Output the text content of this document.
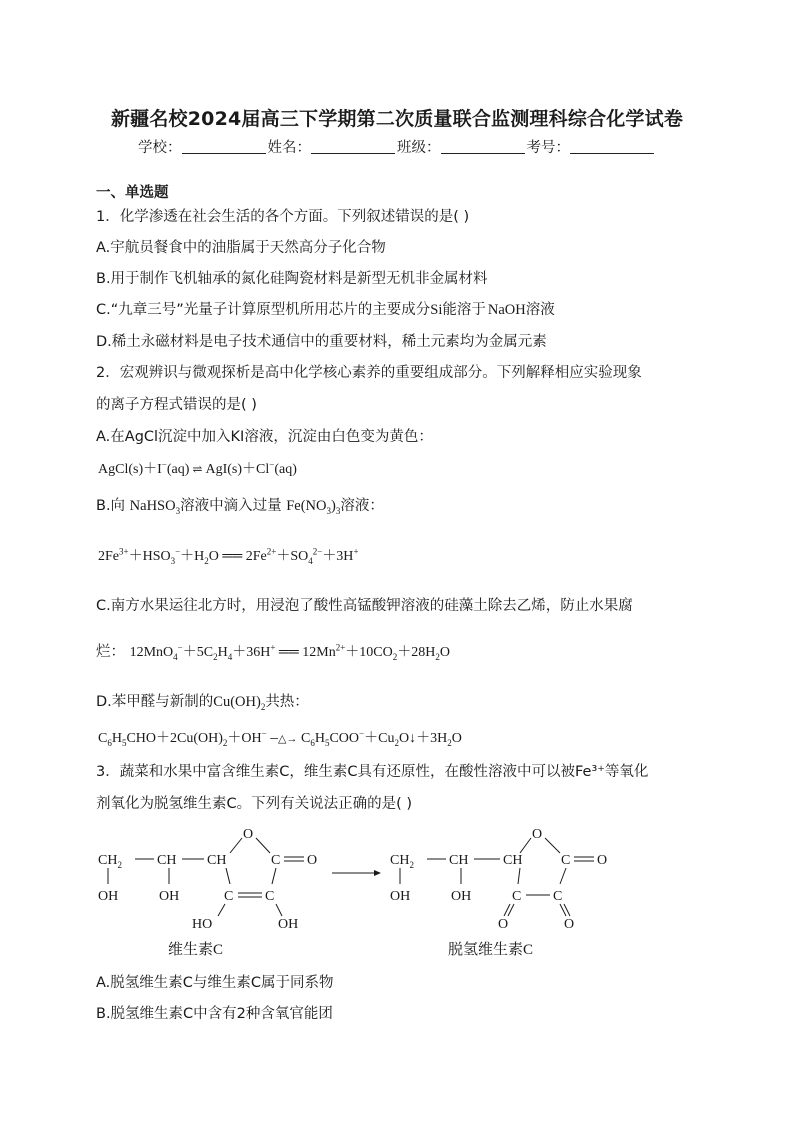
新疆名校2024届高三下学期第二次质量联合监测理科综合化学试卷
学校：	姓名：	班级：	考号：
一、单选题
1．化学渗透在社会生活的各个方面。下列叙述错误的是( )
A.宇航员餐食中的油脂属于天然高分子化合物
B.用于制作飞机轴承的氮化硅陶瓷材料是新型无机非金属材料
C.“九章三号”光量子计算原型机所用芯片的主要成分Si能溶于 NaOH溶液
D.稀土永磁材料是电子技术通信中的重要材料，稀土元素均为金属元素
2．宏观辨识与微观探析是高中化学核心素养的重要组成部分。下列解释相应实验现象
的离子方程式错误的是( )
A.在AgCl沉淀中加入KI溶液，沉淀由白色变为黄色：
AgCl(s)＋I−(aq) ⇌ AgI(s)＋Cl−(aq)
B.向 NaHSO$_3$溶液中滴入过量 $Fe(NO_3)_3$溶液：
$2Fe^{3+}+HSO_3^-+H_2O$ ══ $2Fe^{2+}+SO_4^{2-}+3H^+$
C.南方水果运往北方时，用浸泡了酸性高锰酸钾溶液的硅藻土除去乙烯，防止水果腐
烂： $12MnO_4^-+5C_2H_4+36H^+$ ══ $12Mn^{2+}+10CO_2+28H_2O$
D.苯甲醛与新制的$Cu(OH)_2$共热：
$C_6H_5CHO+2Cu(OH)_2+OH^-$ ─△→ $C_6H_5COO^-+Cu_2O↓+3H_2O$
3．蔬菜和水果中富含维生素C，维生素C具有还原性，在酸性溶液中可以被Fe³⁺等氧化
剂氧化为脱氢维生素C。下列有关说法正确的是( )
$CH_2$	CH CH
OH	OH
O
C O
C C
HO	OH
$CH_2$	CH CH
OH	OH
O
C O
C C
O	O
维生素C	脱氢维生素C
A.脱氢维生素C与维生素C属于同系物
B.脱氢维生素C中含有2种含氧官能团
